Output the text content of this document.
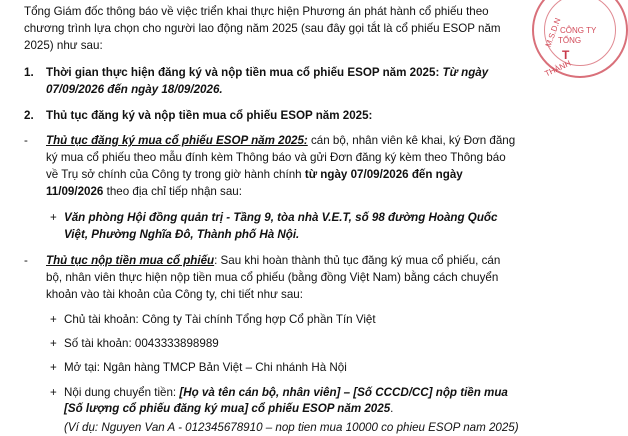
M.S.D.N
CÔNG TY
TỔNG
T
THÀNH
Tổng Giám đốc thông báo về việc triển khai thực hiện Phương án phát hành cổ phiếu theo
chương trình lựa chọn cho người lao động năm 2025 (sau đây gọi tắt là cổ phiếu ESOP năm
2025) như sau:
1. Thời gian thực hiện đăng ký và nộp tiền mua cổ phiếu ESOP năm 2025: Từ ngày
07/09/2026 đến ngày 18/09/2026.
2. Thủ tục đăng ký và nộp tiền mua cổ phiếu ESOP năm 2025:
- Thủ tục đăng ký mua cổ phiếu ESOP năm 2025: cán bộ, nhân viên kê khai, ký Đơn đăng
ký mua cổ phiếu theo mẫu đính kèm Thông báo và gửi Đơn đăng ký kèm theo Thông báo
về Trụ sở chính của Công ty trong giờ hành chính từ ngày 07/09/2026 đến ngày
11/09/2026 theo địa chỉ tiếp nhận sau:
+ Văn phòng Hội đồng quản trị - Tầng 9, tòa nhà V.E.T, số 98 đường Hoàng Quốc
Việt, Phường Nghĩa Đô, Thành phố Hà Nội.
- Thủ tục nộp tiền mua cổ phiếu: Sau khi hoàn thành thủ tục đăng ký mua cổ phiếu, cán
bộ, nhân viên thực hiện nộp tiền mua cổ phiếu (bằng đồng Việt Nam) bằng cách chuyển
khoản vào tài khoản của Công ty, chi tiết như sau:
+ Chủ tài khoản: Công ty Tài chính Tổng hợp Cổ phần Tín Việt
+ Số tài khoản: 0043333898989
+ Mở tại: Ngân hàng TMCP Bản Việt – Chi nhánh Hà Nội
+ Nội dung chuyển tiền: [Họ và tên cán bộ, nhân viên] – [Số CCCD/CC] nộp tiền mua
[Số lượng cổ phiếu đăng ký mua] cổ phiếu ESOP năm 2025.
(Ví dụ: Nguyen Van A - 012345678910 – nop tien mua 10000 co phieu ESOP nam 2025)
